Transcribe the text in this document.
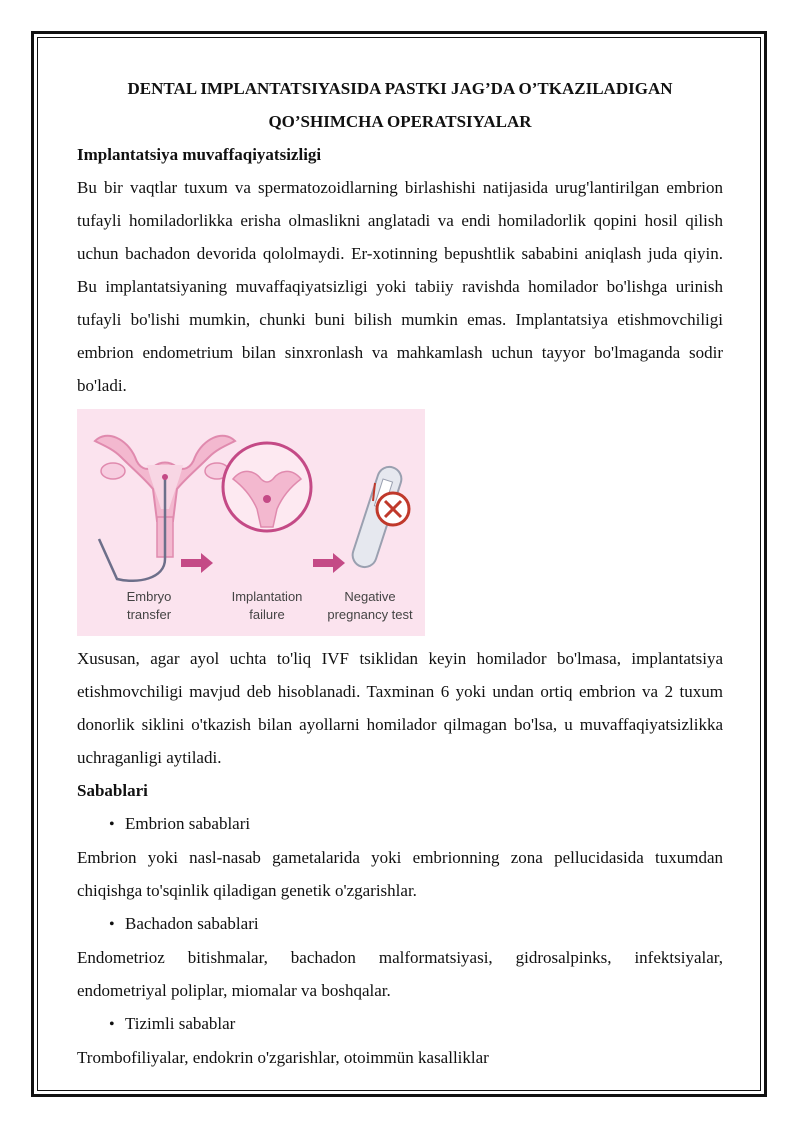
DENTAL IMPLANTATSIYASIDA PASTKI JAG’DA O’TKAZILADIGAN
QO’SHIMCHA OPERATSIYALAR
Implantatsiya muvaffaqiyatsizligi

Bu bir vaqtlar tuxum va spermatozoidlarning birlashishi natijasida urug'lantirilgan embrion tufayli homiladorlikka erisha olmaslikni anglatadi va endi homiladorlik qopini hosil qilish uchun bachadon devorida qololmaydi. Er-xotinning bepushtlik sababini aniqlash juda qiyin. Bu implantatsiyaning muvaffaqiyatsizligi yoki tabiiy ravishda homilador bo'lishga urinish tufayli bo'lishi mumkin, chunki buni bilish mumkin emas. Implantatsiya etishmovchiligi embrion endometrium bilan sinxronlash va mahkamlash uchun tayyor bo'lmaganda sodir bo'ladi.

Embryo
transfer
Implantation
failure
Negative
pregnancy test

Xususan, agar ayol uchta to'liq IVF tsiklidan keyin homilador bo'lmasa, implantatsiya etishmovchiligi mavjud deb hisoblanadi. Taxminan 6 yoki undan ortiq embrion va 2 tuxum donorlik siklini o'tkazish bilan ayollarni homilador qilmagan bo'lsa, u muvaffaqiyatsizlikka uchraganligi aytiladi.

Sabablari
• Embrion sabablari

Embrion yoki nasl-nasab gametalarida yoki embrionning zona pellucidasida tuxumdan chiqishga to'sqinlik qiladigan genetik o'zgarishlar.

• Bachadon sabablari

Endometrioz bitishmalar, bachadon malformatsiyasi, gidrosalpinks, infektsiyalar, endometriyal poliplar, miomalar va boshqalar.

• Tizimli sabablar

Trombofiliyalar, endokrin o'zgarishlar, otoimmün kasalliklar
